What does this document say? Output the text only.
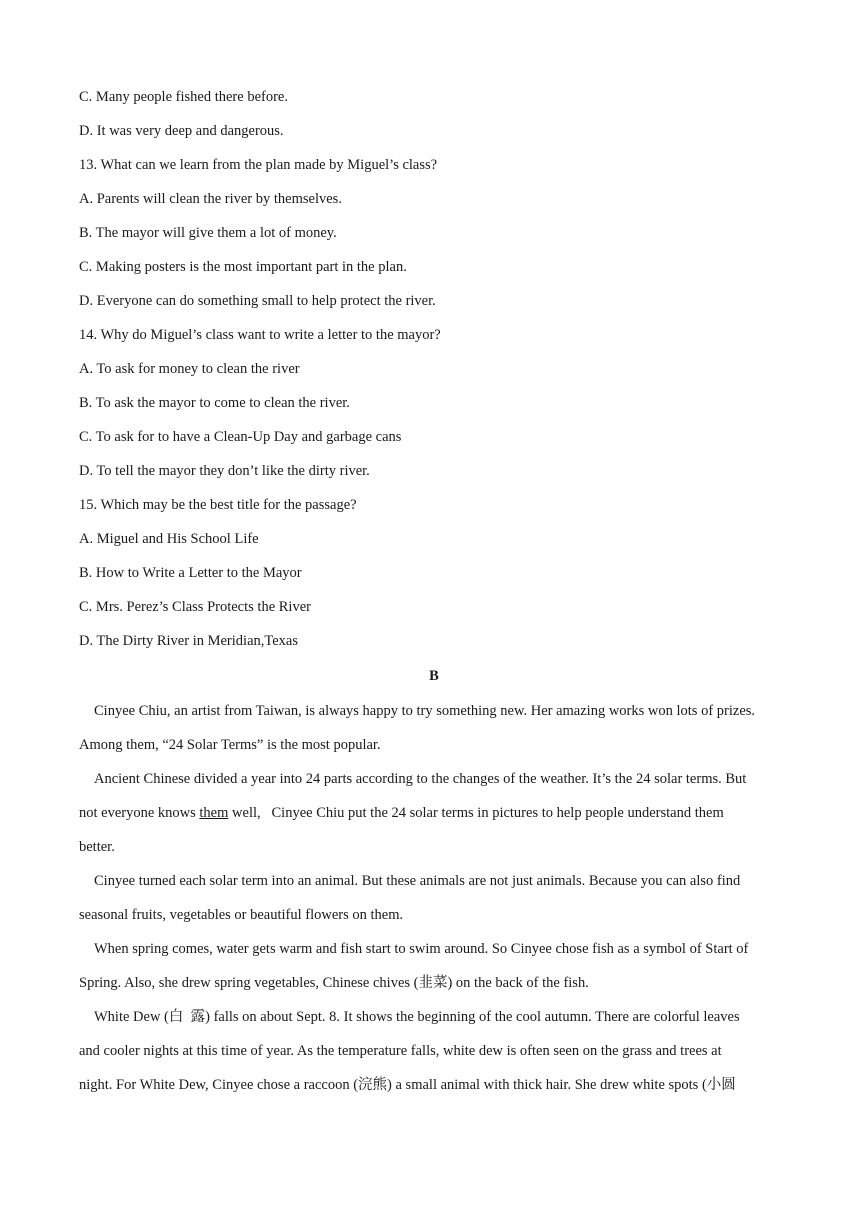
C. Many people fished there before.
D. It was very deep and dangerous.
13. What can we learn from the plan made by Miguel’s class?
A. Parents will clean the river by themselves.
B. The mayor will give them a lot of money.
C. Making posters is the most important part in the plan.
D. Everyone can do something small to help protect the river.
14. Why do Miguel’s class want to write a letter to the mayor?
A. To ask for money to clean the river
B. To ask the mayor to come to clean the river.
C. To ask for to have a Clean-Up Day and garbage cans
D. To tell the mayor they don’t like the dirty river.
15. Which may be the best title for the passage?
A. Miguel and His School Life
B. How to Write a Letter to the Mayor
C. Mrs. Perez’s Class Protects the River
D. The Dirty River in Meridian,Texas
B
Cinyee Chiu, an artist from Taiwan, is always happy to try something new. Her amazing works won lots of prizes.
Among them, “24 Solar Terms” is the most popular.
Ancient Chinese divided a year into 24 parts according to the changes of the weather. It’s the 24 solar terms. But
not everyone knows them well,   Cinyee Chiu put the 24 solar terms in pictures to help people understand them
better.
Cinyee turned each solar term into an animal. But these animals are not just animals. Because you can also find
seasonal fruits, vegetables or beautiful flowers on them.
When spring comes, water gets warm and fish start to swim around. So Cinyee chose fish as a symbol of Start of
Spring. Also, she drew spring vegetables, Chinese chives (韭菜) on the back of the fish.
White Dew (白  露) falls on about Sept. 8. It shows the beginning of the cool autumn. There are colorful leaves
and cooler nights at this time of year. As the temperature falls, white dew is often seen on the grass and trees at
night. For White Dew, Cinyee chose a raccoon (浣熊) a small animal with thick hair. She drew white spots (小圆
